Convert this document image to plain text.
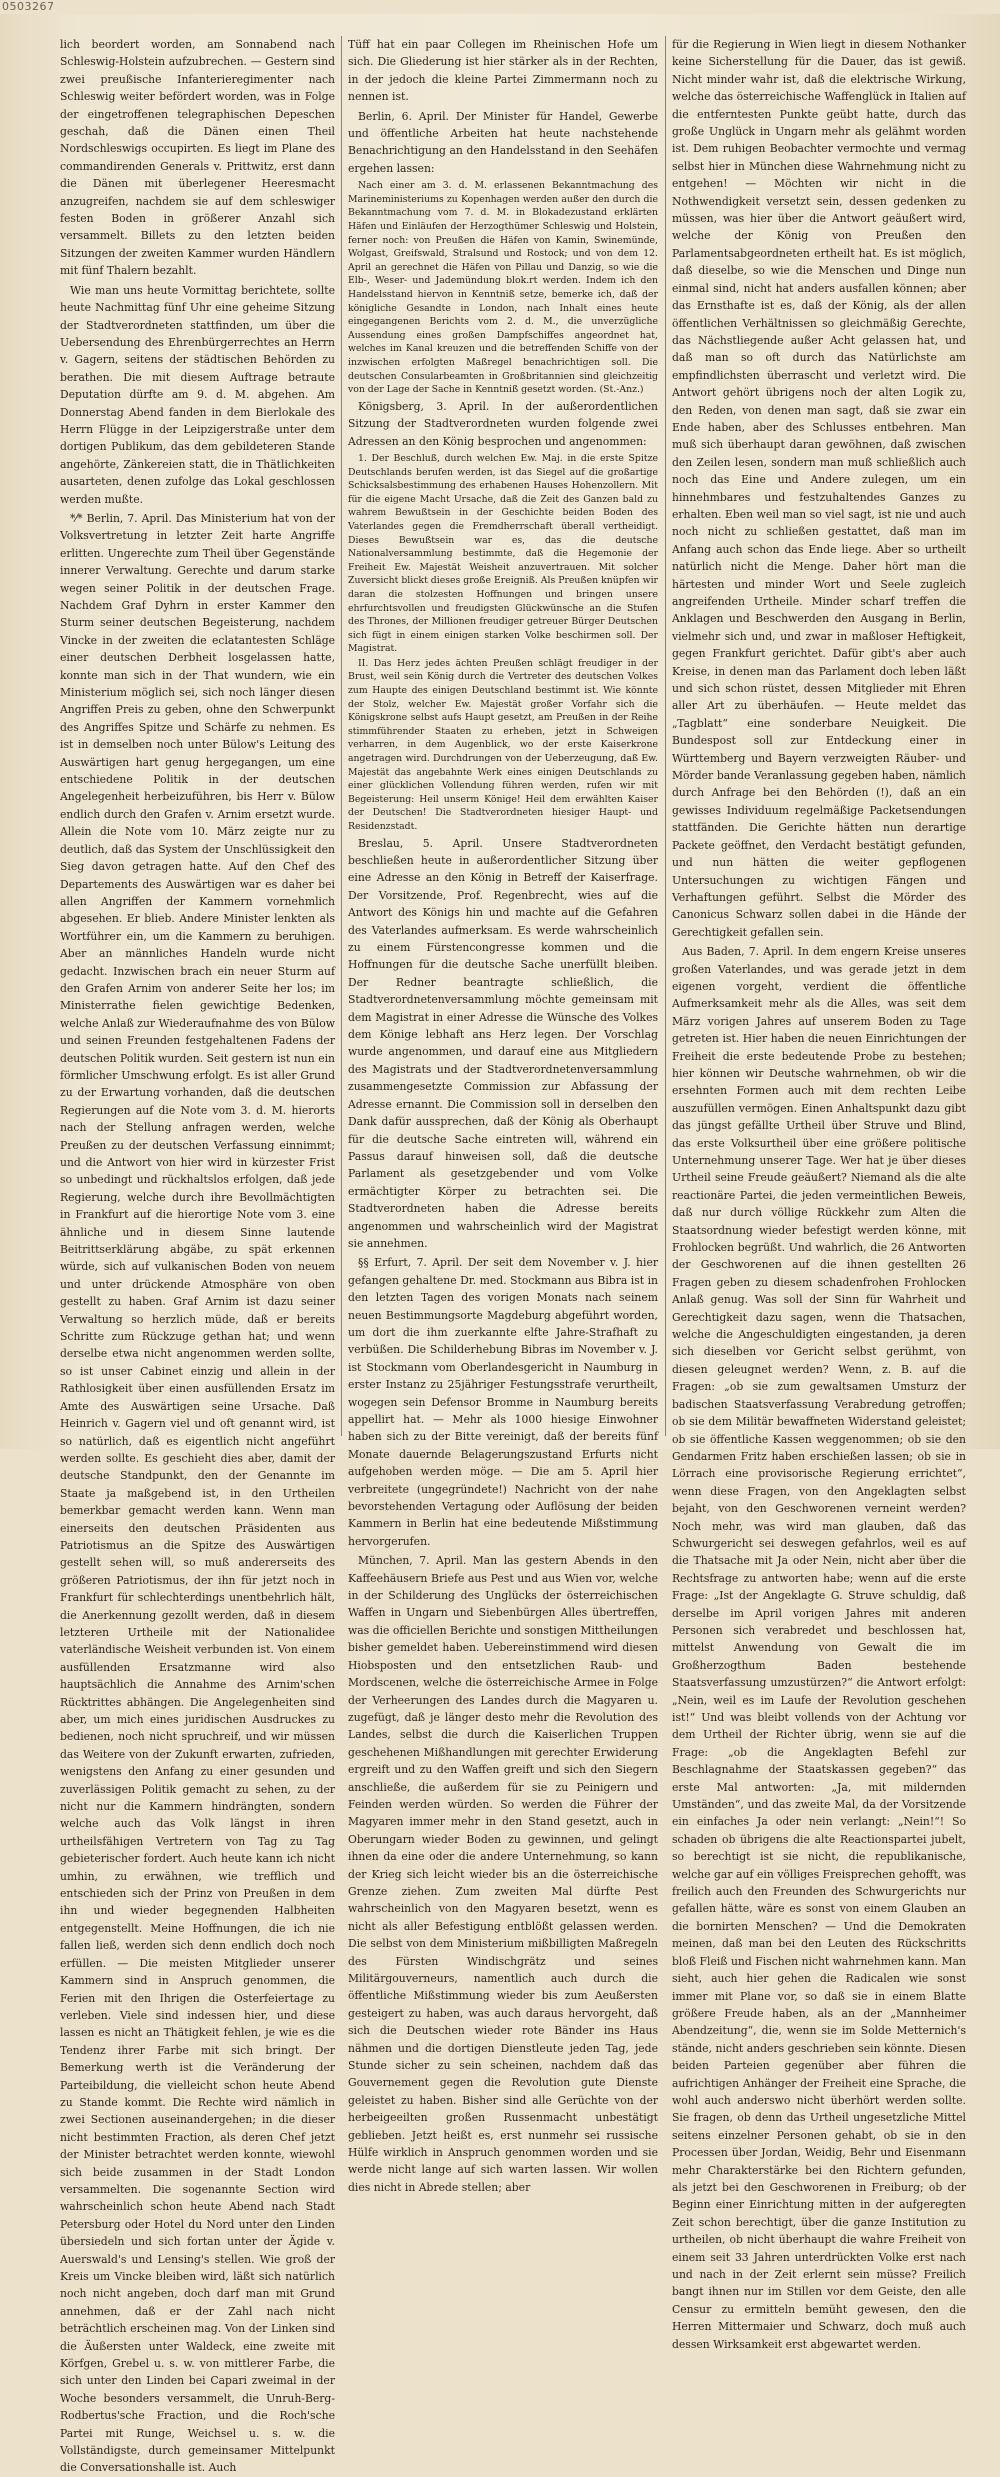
0503267

lich beordert worden, am Sonnabend nach Schleswig-Holstein aufzubrechen. — Gestern sind zwei preußische Infanterieregimenter nach Schleswig weiter befördert worden, was in Folge der eingetroffenen telegraphischen Depeschen geschah, daß die Dänen einen Theil Nordschleswigs occupirten. Es liegt im Plane des commandirenden Generals v. Prittwitz, erst dann die Dänen mit überlegener Heeresmacht anzugreifen, nachdem sie auf dem schleswiger festen Boden in größerer Anzahl sich versammelt. Billets zu den letzten beiden Sitzungen der zweiten Kammer wurden Händlern mit fünf Thalern bezahlt.

Wie man uns heute Vormittag berichtete, sollte heute Nachmittag fünf Uhr eine geheime Sitzung der Stadtverordneten stattfinden, um über die Uebersendung des Ehrenbürgerrechtes an Herrn v. Gagern, seitens der städtischen Behörden zu berathen. Die mit diesem Auftrage betraute Deputation dürfte am 9. d. M. abgehen. Am Donnerstag Abend fanden in dem Bierlokale des Herrn Flügge in der Leipzigerstraße unter dem dortigen Publikum, das dem gebildeteren Stande angehörte, Zänkereien statt, die in Thätlichkeiten ausarteten, denen zufolge das Lokal geschlossen werden mußte.

*⁄* Berlin, 7. April. Das Ministerium hat von der Volksvertretung in letzter Zeit harte Angriffe erlitten. Ungerechte zum Theil über Gegenstände innerer Verwaltung. Gerechte und darum starke wegen seiner Politik in der deutschen Frage. Nachdem Graf Dyhrn in erster Kammer den Sturm seiner deutschen Begeisterung, nachdem Vincke in der zweiten die eclatantesten Schläge einer deutschen Derbheit losgelassen hatte, konnte man sich in der That wundern, wie ein Ministerium möglich sei, sich noch länger diesen Angriffen Preis zu geben, ohne den Schwerpunkt des Angriffes Spitze und Schärfe zu nehmen. Es ist in demselben noch unter Bülow's Leitung des Auswärtigen hart genug hergegangen, um eine entschiedene Politik in der deutschen Angelegenheit herbeizuführen, bis Herr v. Bülow endlich durch den Grafen v. Arnim ersetzt wurde. Allein die Note vom 10. März zeigte nur zu deutlich, daß das System der Unschlüssigkeit den Sieg davon getragen hatte. Auf den Chef des Departements des Auswärtigen war es daher bei allen Angriffen der Kammern vornehmlich abgesehen. Er blieb. Andere Minister lenkten als Wortführer ein, um die Kammern zu beruhigen. Aber an männliches Handeln wurde nicht gedacht. Inzwischen brach ein neuer Sturm auf den Grafen Arnim von anderer Seite her los; im Ministerrathe fielen gewichtige Bedenken, welche Anlaß zur Wiederaufnahme des von Bülow und seinen Freunden festgehaltenen Fadens der deutschen Politik wurden. Seit gestern ist nun ein förmlicher Umschwung erfolgt. Es ist aller Grund zu der Erwartung vorhanden, daß die deutschen Regierungen auf die Note vom 3. d. M. hierorts nach der Stellung anfragen werden, welche Preußen zu der deutschen Verfassung einnimmt; und die Antwort von hier wird in kürzester Frist so unbedingt und rückhaltslos erfolgen, daß jede Regierung, welche durch ihre Bevollmächtigten in Frankfurt auf die hierortige Note vom 3. eine ähnliche und in diesem Sinne lautende Beitrittserklärung abgäbe, zu spät erkennen würde, sich auf vulkanischen Boden von neuem und unter drückende Atmosphäre von oben gestellt zu haben. Graf Arnim ist dazu seiner Verwaltung so herzlich müde, daß er bereits Schritte zum Rückzuge gethan hat; und wenn derselbe etwa nicht angenommen werden sollte, so ist unser Cabinet einzig und allein in der Rathlosigkeit über einen ausfüllenden Ersatz im Amte des Auswärtigen seine Ursache. Daß Heinrich v. Gagern viel und oft genannt wird, ist so natürlich, daß es eigentlich nicht angeführt werden sollte. Es geschieht dies aber, damit der deutsche Standpunkt, den der Genannte im Staate ja maßgebend ist, in den Urtheilen bemerkbar gemacht werden kann. Wenn man einerseits den deutschen Präsidenten aus Patriotismus an die Spitze des Auswärtigen gestellt sehen will, so muß andererseits des größeren Patriotismus, der ihn für jetzt noch in Frankfurt für schlechterdings unentbehrlich hält, die Anerkennung gezollt werden, daß in diesem letzteren Urtheile mit der Nationalidee vaterländische Weisheit verbunden ist. Von einem ausfüllenden Ersatzmanne wird also hauptsächlich die Annahme des Arnim'schen Rücktrittes abhängen. Die Angelegenheiten sind aber, um mich eines juridischen Ausdruckes zu bedienen, noch nicht spruchreif, und wir müssen das Weitere von der Zukunft erwarten, zufrieden, wenigstens den Anfang zu einer gesunden und zuverlässigen Politik gemacht zu sehen, zu der nicht nur die Kammern hindrängten, sondern welche auch das Volk längst in ihren urtheilsfähigen Vertretern von Tag zu Tag gebieterischer fordert. Auch heute kann ich nicht umhin, zu erwähnen, wie trefflich und entschieden sich der Prinz von Preußen in dem ihn und wieder begegnenden Halbheiten entgegenstellt. Meine Hoffnungen, die ich nie fallen ließ, werden sich denn endlich doch noch erfüllen. — Die meisten Mitglieder unserer Kammern sind in Anspruch genommen, die Ferien mit den Ihrigen die Osterfeiertage zu verleben. Viele sind indessen hier, und diese lassen es nicht an Thätigkeit fehlen, je wie es die Tendenz ihrer Farbe mit sich bringt. Der Bemerkung werth ist die Veränderung der Parteibildung, die vielleicht schon heute Abend zu Stande kommt. Die Rechte wird nämlich in zwei Sectionen auseinandergehen; in die dieser nicht bestimmten Fraction, als deren Chef jetzt der Minister betrachtet werden konnte, wiewohl sich beide zusammen in der Stadt London versammelten. Die sogenannte Section wird wahrscheinlich schon heute Abend nach Stadt Petersburg oder Hotel du Nord unter den Linden übersiedeln und sich fortan unter der Ägide v. Auerswald's und Lensing's stellen. Wie groß der Kreis um Vincke bleiben wird, läßt sich natürlich noch nicht angeben, doch darf man mit Grund annehmen, daß er der Zahl nach nicht beträchtlich erscheinen mag. Von der Linken sind die Äußersten unter Waldeck, eine zweite mit Körfgen, Grebel u. s. w. von mittlerer Farbe, die sich unter den Linden bei Capari zweimal in der Woche besonders versammelt, die Unruh-Berg-Rodbertus'sche Fraction, und die Roch'sche Partei mit Runge, Weichsel u. s. w. die Vollständigste, durch gemeinsamer Mittelpunkt die Conversationshalle ist. Auch

Tüff hat ein paar Collegen im Rheinischen Hofe um sich. Die Gliederung ist hier stärker als in der Rechten, in der jedoch die kleine Partei Zimmermann noch zu nennen ist.

Berlin, 6. April. Der Minister für Handel, Gewerbe und öffentliche Arbeiten hat heute nachstehende Benachrichtigung an den Handelsstand in den Seehäfen ergehen lassen:

Nach einer am 3. d. M. erlassenen Bekanntmachung des Marineministeriums zu Kopenhagen werden außer den durch die Bekanntmachung vom 7. d. M. in Blokadezustand erklärten Häfen und Einläufen der Herzogthümer Schleswig und Holstein, ferner noch: von Preußen die Häfen von Kamin, Swinemünde, Wolgast, Greifswald, Stralsund und Rostock; und von dem 12. April an gerechnet die Häfen von Pillau und Danzig, so wie die Elb-, Weser- und Jademündung blok.rt werden. Indem ich den Handelsstand hiervon in Kenntniß setze, bemerke ich, daß der königliche Gesandte in London, nach Inhalt eines heute eingegangenen Berichts vom 2. d. M., die unverzügliche Aussendung eines großen Dampfschiffes angeordnet hat, welches im Kanal kreuzen und die betreffenden Schiffe von der inzwischen erfolgten Maßregel benachrichtigen soll. Die deutschen Consularbeamten in Großbritannien sind gleichzeitig von der Lage der Sache in Kenntniß gesetzt worden. (St.-Anz.)

Königsberg, 3. April. In der außerordentlichen Sitzung der Stadtverordneten wurden folgende zwei Adressen an den König besprochen und angenommen:

1. Der Beschluß, durch welchen Ew. Maj. in die erste Spitze Deutschlands berufen werden, ist das Siegel auf die großartige Schicksalsbestimmung des erhabenen Hauses Hohenzollern. Mit für die eigene Macht Ursache, daß die Zeit des Ganzen bald zu wahrem Bewußtsein in der Geschichte beiden Boden des Vaterlandes gegen die Fremdherrschaft überall vertheidigt. Dieses Bewußtsein war es, das die deutsche Nationalversammlung bestimmte, daß die Hegemonie der Freiheit Ew. Majestät Weisheit anzuvertrauen. Mit solcher Zuversicht blickt dieses große Ereigniß. Als Preußen knüpfen wir daran die stolzesten Hoffnungen und bringen unsere ehrfurchtsvollen und freudigsten Glückwünsche an die Stufen des Thrones, der Millionen freudiger getreuer Bürger Deutschen sich fügt in einem einigen starken Volke beschirmen soll. Der Magistrat.

II. Das Herz jedes ächten Preußen schlägt freudiger in der Brust, weil sein König durch die Vertreter des deutschen Volkes zum Haupte des einigen Deutschland bestimmt ist. Wie könnte der Stolz, welcher Ew. Majestät großer Vorfahr sich die Königskrone selbst aufs Haupt gesetzt, am Preußen in der Reihe stimmführender Staaten zu erheben, jetzt in Schweigen verharren, in dem Augenblick, wo der erste Kaiserkrone angetragen wird. Durchdrungen von der Ueberzeugung, daß Ew. Majestät das angebahnte Werk eines einigen Deutschlands zu einer glücklichen Vollendung führen werden, rufen wir mit Begeisterung: Heil unserm Könige! Heil dem erwählten Kaiser der Deutschen! Die Stadtverordneten hiesiger Haupt- und Residenzstadt.

Breslau, 5. April. Unsere Stadtverordneten beschließen heute in außerordentlicher Sitzung über eine Adresse an den König in Betreff der Kaiserfrage. Der Vorsitzende, Prof. Regenbrecht, wies auf die Antwort des Königs hin und machte auf die Gefahren des Vaterlandes aufmerksam. Es werde wahrscheinlich zu einem Fürstencongresse kommen und die Hoffnungen für die deutsche Sache unerfüllt bleiben. Der Redner beantragte schließlich, die Stadtverordnetenversammlung möchte gemeinsam mit dem Magistrat in einer Adresse die Wünsche des Volkes dem Könige lebhaft ans Herz legen. Der Vorschlag wurde angenommen, und darauf eine aus Mitgliedern des Magistrats und der Stadtverordnetenversammlung zusammengesetzte Commission zur Abfassung der Adresse ernannt. Die Commission soll in derselben den Dank dafür aussprechen, daß der König als Oberhaupt für die deutsche Sache eintreten will, während ein Passus darauf hinweisen soll, daß die deutsche Parlament als gesetzgebender und vom Volke ermächtigter Körper zu betrachten sei. Die Stadtverordneten haben die Adresse bereits angenommen und wahrscheinlich wird der Magistrat sie annehmen.

§§ Erfurt, 7. April. Der seit dem November v. J. hier gefangen gehaltene Dr. med. Stockmann aus Bibra ist in den letzten Tagen des vorigen Monats nach seinem neuen Bestimmungsorte Magdeburg abgeführt worden, um dort die ihm zuerkannte elfte Jahre-Strafhaft zu verbüßen. Die Schilderhebung Bibras im November v. J. ist Stockmann vom Oberlandesgericht in Naumburg in erster Instanz zu 25jähriger Festungsstrafe verurtheilt, wogegen sein Defensor Bromme in Naumburg bereits appellirt hat. — Mehr als 1000 hiesige Einwohner haben sich zu der Bitte vereinigt, daß der bereits fünf Monate dauernde Belagerungszustand Erfurts nicht aufgehoben werden möge. — Die am 5. April hier verbreitete (ungegründete!) Nachricht von der nahe bevorstehenden Vertagung oder Auflösung der beiden Kammern in Berlin hat eine bedeutende Mißstimmung hervorgerufen.

München, 7. April. Man las gestern Abends in den Kaffeehäusern Briefe aus Pest und aus Wien vor, welche in der Schilderung des Unglücks der österreichischen Waffen in Ungarn und Siebenbürgen Alles übertreffen, was die officiellen Berichte und sonstigen Mittheilungen bisher gemeldet haben. Uebereinstimmend wird diesen Hiobsposten und den entsetzlichen Raub- und Mordscenen, welche die österreichische Armee in Folge der Verheerungen des Landes durch die Magyaren u. zugefügt, daß je länger desto mehr die Revolution des Landes, selbst die durch die Kaiserlichen Truppen geschehenen Mißhandlungen mit gerechter Erwiderung ergreift und zu den Waffen greift und sich den Siegern anschließe, die außerdem für sie zu Peinigern und Feinden werden würden. So werden die Führer der Magyaren immer mehr in den Stand gesetzt, auch in Oberungarn wieder Boden zu gewinnen, und gelingt ihnen da eine oder die andere Unternehmung, so kann der Krieg sich leicht wieder bis an die österreichische Grenze ziehen. Zum zweiten Mal dürfte Pest wahrscheinlich von den Magyaren besetzt, wenn es nicht als aller Befestigung entblößt gelassen werden. Die selbst von dem Ministerium mißbilligten Maßregeln des Fürsten Windischgrätz und seines Militärgouverneurs, namentlich auch durch die öffentliche Mißstimmung wieder bis zum Aeußersten gesteigert zu haben, was auch daraus hervorgeht, daß sich die Deutschen wieder rote Bänder ins Haus nähmen und die dortigen Dienstleute jeden Tag, jede Stunde sicher zu sein scheinen, nachdem daß das Gouvernement gegen die Revolution gute Dienste geleistet zu haben. Bisher sind alle Gerüchte von der herbeigeeilten großen Russenmacht unbestätigt geblieben. Jetzt heißt es, erst nunmehr sei russische Hülfe wirklich in Anspruch genommen worden und sie werde nicht lange auf sich warten lassen. Wir wollen dies nicht in Abrede stellen; aber

für die Regierung in Wien liegt in diesem Nothanker keine Sicherstellung für die Dauer, das ist gewiß. Nicht minder wahr ist, daß die elektrische Wirkung, welche das österreichische Waffenglück in Italien auf die entferntesten Punkte geübt hatte, durch das große Unglück in Ungarn mehr als gelähmt worden ist. Dem ruhigen Beobachter vermochte und vermag selbst hier in München diese Wahrnehmung nicht zu entgehen! — Möchten wir nicht in die Nothwendigkeit versetzt sein, dessen gedenken zu müssen, was hier über die Antwort geäußert wird, welche der König von Preußen den Parlamentsabgeordneten ertheilt hat. Es ist möglich, daß dieselbe, so wie die Menschen und Dinge nun einmal sind, nicht hat anders ausfallen können; aber das Ernsthafte ist es, daß der König, als der allen öffentlichen Verhältnissen so gleichmäßig Gerechte, das Nächstliegende außer Acht gelassen hat, und daß man so oft durch das Natürlichste am empfindlichsten überrascht und verletzt wird. Die Antwort gehört übrigens noch der alten Logik zu, den Reden, von denen man sagt, daß sie zwar ein Ende haben, aber des Schlusses entbehren. Man muß sich überhaupt daran gewöhnen, daß zwischen den Zeilen lesen, sondern man muß schließlich auch noch das Eine und Andere zulegen, um ein hinnehmbares und festzuhaltendes Ganzes zu erhalten. Eben weil man so viel sagt, ist nie und auch noch nicht zu schließen gestattet, daß man im Anfang auch schon das Ende liege. Aber so urtheilt natürlich nicht die Menge. Daher hört man die härtesten und minder Wort und Seele zugleich angreifenden Urtheile. Minder scharf treffen die Anklagen und Beschwerden den Ausgang in Berlin, vielmehr sich und, und zwar in maßloser Heftigkeit, gegen Frankfurt gerichtet. Dafür gibt's aber auch Kreise, in denen man das Parlament doch leben läßt und sich schon rüstet, dessen Mitglieder mit Ehren aller Art zu überhäufen. — Heute meldet das „Tagblatt“ eine sonderbare Neuigkeit. Die Bundespost soll zur Entdeckung einer in Württemberg und Bayern verzweigten Räuber- und Mörder bande Veranlassung gegeben haben, nämlich durch Anfrage bei den Behörden (!), daß an ein gewisses Individuum regelmäßige Packetsendungen stattfänden. Die Gerichte hätten nun derartige Packete geöffnet, den Verdacht bestätigt gefunden, und nun hätten die weiter gepflogenen Untersuchungen zu wichtigen Fängen und Verhaftungen geführt. Selbst die Mörder des Canonicus Schwarz sollen dabei in die Hände der Gerechtigkeit gefallen sein.

Aus Baden, 7. April. In dem engern Kreise unseres großen Vaterlandes, und was gerade jetzt in dem eigenen vorgeht, verdient die öffentliche Aufmerksamkeit mehr als die Alles, was seit dem März vorigen Jahres auf unserem Boden zu Tage getreten ist. Hier haben die neuen Einrichtungen der Freiheit die erste bedeutende Probe zu bestehen; hier können wir Deutsche wahrnehmen, ob wir die ersehnten Formen auch mit dem rechten Leibe auszufüllen vermögen. Einen Anhaltspunkt dazu gibt das jüngst gefällte Urtheil über Struve und Blind, das erste Volksurtheil über eine größere politische Unternehmung unserer Tage. Wer hat je über dieses Urtheil seine Freude geäußert? Niemand als die alte reactionäre Partei, die jeden vermeintlichen Beweis, daß nur durch völlige Rückkehr zum Alten die Staatsordnung wieder befestigt werden könne, mit Frohlocken begrüßt. Und wahrlich, die 26 Antworten der Geschworenen auf die ihnen gestellten 26 Fragen geben zu diesem schadenfrohen Frohlocken Anlaß genug. Was soll der Sinn für Wahrheit und Gerechtigkeit dazu sagen, wenn die Thatsachen, welche die Angeschuldigten eingestanden, ja deren sich dieselben vor Gericht selbst gerühmt, von diesen geleugnet werden? Wenn, z. B. auf die Fragen: „ob sie zum gewaltsamen Umsturz der badischen Staatsverfassung Verabredung getroffen; ob sie dem Militär bewaffneten Widerstand geleistet; ob sie öffentliche Kassen weggenommen; ob sie den Gendarmen Fritz haben erschießen lassen; ob sie in Lörrach eine provisorische Regierung errichtet“, wenn diese Fragen, von den Angeklagten selbst bejaht, von den Geschworenen verneint werden? Noch mehr, was wird man glauben, daß das Schwurgericht sei deswegen gefahrlos, weil es auf die Thatsache mit Ja oder Nein, nicht aber über die Rechtsfrage zu antworten habe; wenn auf die erste Frage: „Ist der Angeklagte G. Struve schuldig, daß derselbe im April vorigen Jahres mit anderen Personen sich verabredet und beschlossen hat, mittelst Anwendung von Gewalt die im Großherzogthum Baden bestehende Staatsverfassung umzustürzen?“ die Antwort erfolgt: „Nein, weil es im Laufe der Revolution geschehen ist!“ Und was bleibt vollends von der Achtung vor dem Urtheil der Richter übrig, wenn sie auf die Frage: „ob die Angeklagten Befehl zur Beschlagnahme der Staatskassen gegeben?“ das erste Mal antworten: „Ja, mit mildernden Umständen“, und das zweite Mal, da der Vorsitzende ein einfaches Ja oder nein verlangt: „Nein!“! So schaden ob übrigens die alte Reactionspartei jubelt, so berechtigt ist sie nicht, die republikanische, welche gar auf ein völliges Freisprechen gehofft, was freilich auch den Freunden des Schwurgerichts nur gefallen hätte, wäre es sonst von einem Glauben an die bornirten Menschen? — Und die Demokraten meinen, daß man bei den Leuten des Rückschritts bloß Fleiß und Fischen nicht wahrnehmen kann. Man sieht, auch hier gehen die Radicalen wie sonst immer mit Plane vor, so daß sie in einem Blatte größere Freude haben, als an der „Mannheimer Abendzeitung“, die, wenn sie im Solde Metternich's stände, nicht anders geschrieben sein könnte. Diesen beiden Parteien gegenüber aber führen die aufrichtigen Anhänger der Freiheit eine Sprache, die wohl auch anderswo nicht überhört werden sollte. Sie fragen, ob denn das Urtheil ungesetzliche Mittel seitens einzelner Personen gehabt, ob sie in den Processen über Jordan, Weidig, Behr und Eisenmann mehr Charakterstärke bei den Richtern gefunden, als jetzt bei den Geschworenen in Freiburg; ob der Beginn einer Einrichtung mitten in der aufgeregten Zeit schon berechtigt, über die ganze Institution zu urtheilen, ob nicht überhaupt die wahre Freiheit von einem seit 33 Jahren unterdrückten Volke erst nach und nach in der Zeit erlernt sein müsse? Freilich bangt ihnen nur im Stillen vor dem Geiste, den alle Censur zu ermitteln bemüht gewesen, den die Herren Mittermaier und Schwarz, doch muß auch dessen Wirksamkeit erst abgewartet werden.
